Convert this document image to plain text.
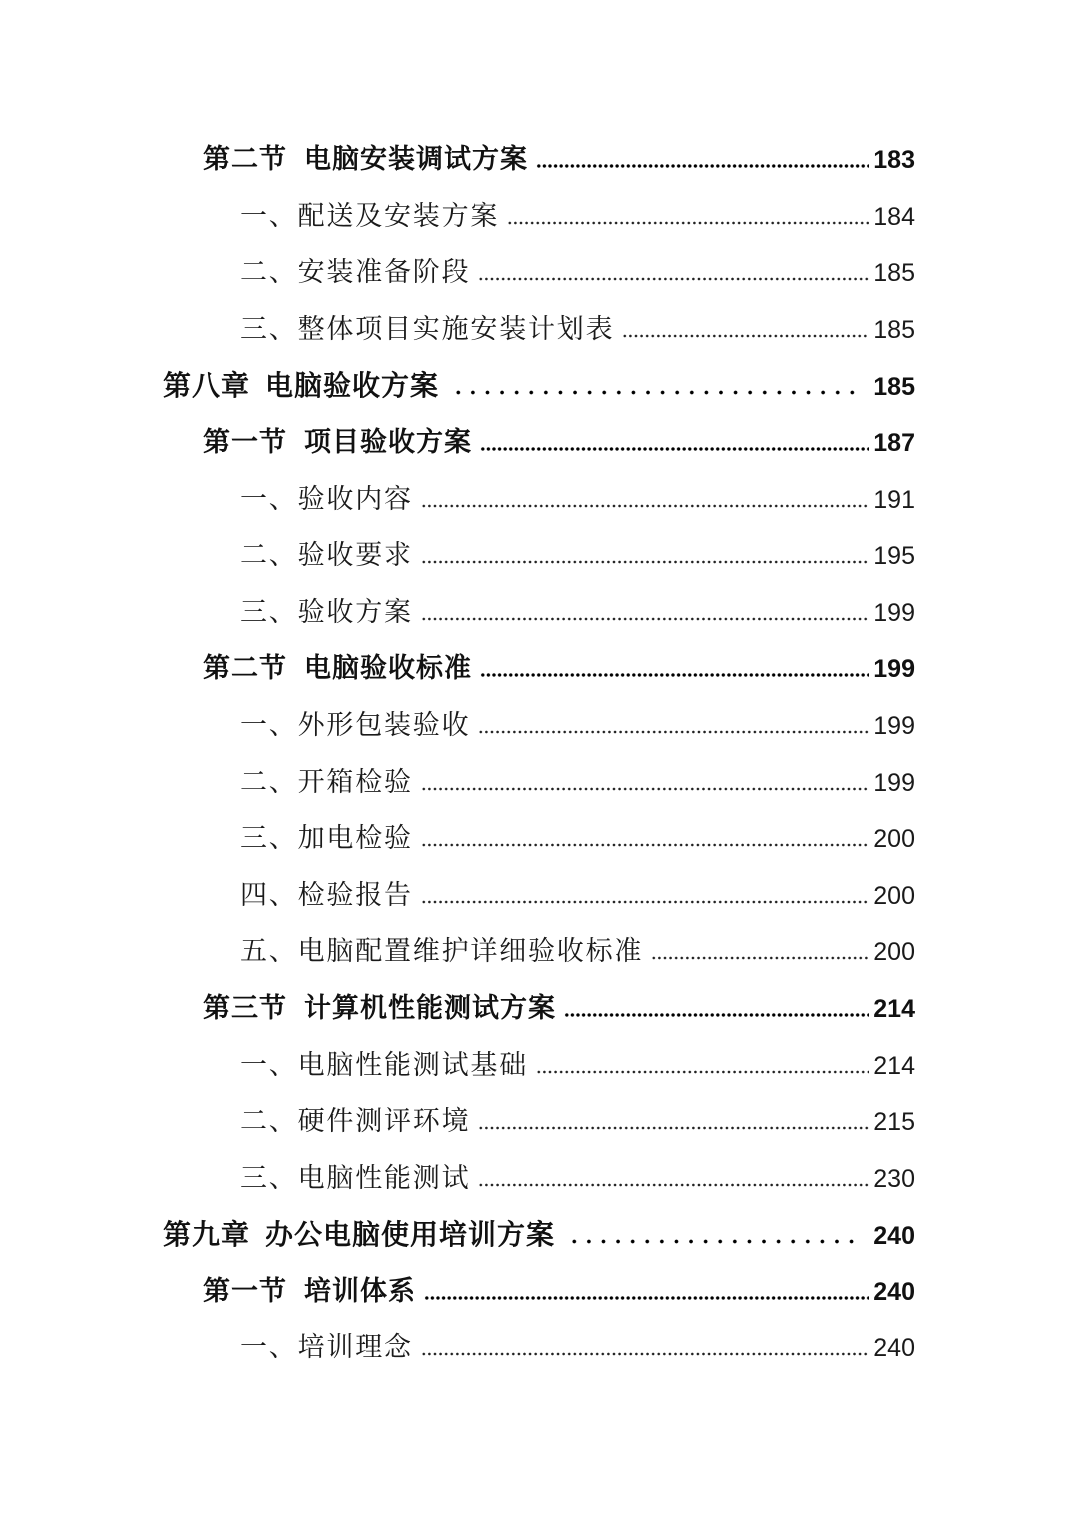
第二节 电脑安装调试方案	183
一、配送及安装方案	184
二、安装准备阶段	185
三、整体项目实施安装计划表	185
第八章 电脑验收方案	185
第一节 项目验收方案	187
一、验收内容	191
二、验收要求	195
三、验收方案	199
第二节 电脑验收标准	199
一、外形包装验收	199
二、开箱检验	199
三、加电检验	200
四、检验报告	200
五、电脑配置维护详细验收标准	200
第三节 计算机性能测试方案	214
一、电脑性能测试基础	214
二、硬件测评环境	215
三、电脑性能测试	230
第九章 办公电脑使用培训方案	240
第一节 培训体系	240
一、培训理念	240
